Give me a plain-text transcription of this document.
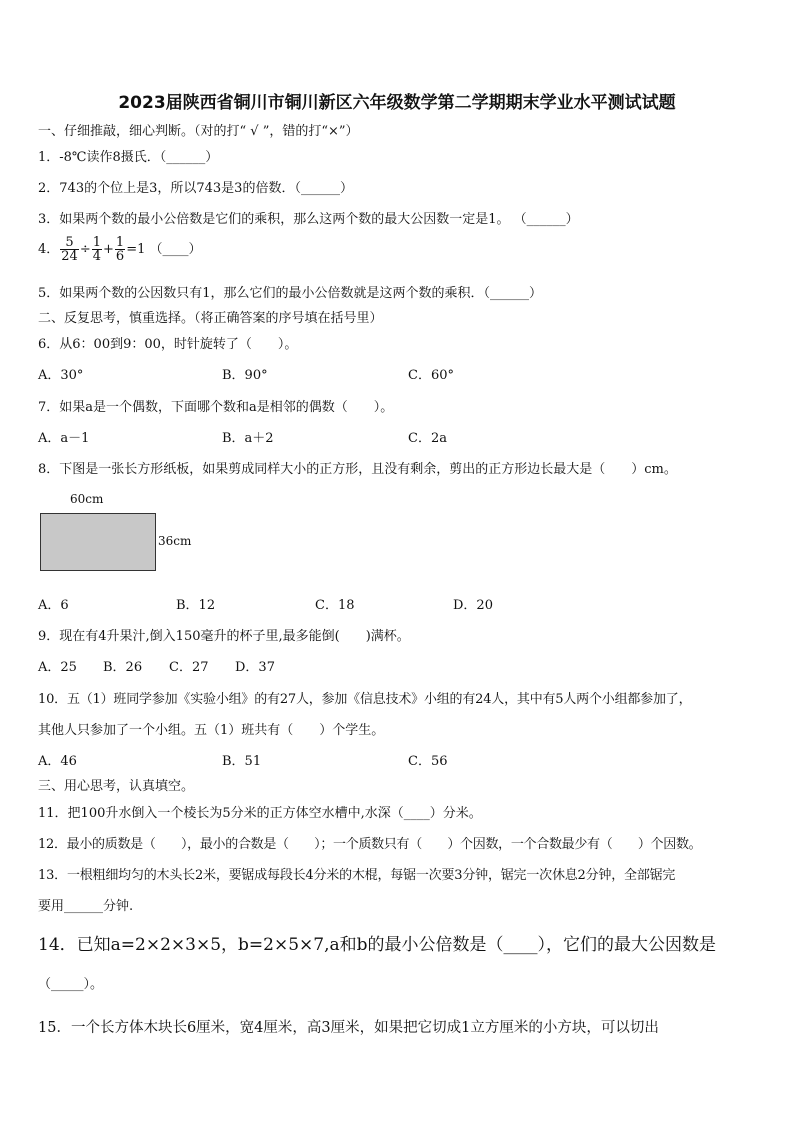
2023届陕西省铜川市铜川新区六年级数学第二学期期末学业水平测试试题
一、仔细推敲，细心判断。（对的打“ √ ”，错的打“×”）
1．-8℃读作8摄氏．（______）
2．743的个位上是3，所以743是3的倍数．（______）
3．如果两个数的最小公倍数是它们的乘积，那么这两个数的最大公因数一定是1。 （______）
4． $\frac{5}{24} \div \frac{1}{4} + \frac{1}{6} =1$ （____）
5．如果两个数的公因数只有1，那么它们的最小公倍数就是这两个数的乘积．（______）
二、反复思考，慎重选择。（将正确答案的序号填在括号里）
6．从6：00到9：00，时针旋转了（　　）。
A．30°	B．90°	C．60°
7．如果a是一个偶数，下面哪个数和a是相邻的偶数（　　）。
A．a－1	B．a＋2	C．2a
8．下图是一张长方形纸板，如果剪成同样大小的正方形，且没有剩余，剪出的正方形边长最大是（　　）cm。
60cm
36cm
A．6	B．12	C．18	D．20
9．现在有4升果汁,倒入150毫升的杯子里,最多能倒(　　)满杯。
A．25 B．26 C．27 D．37
10．五（1）班同学参加《实验小组》的有27人，参加《信息技术》小组的有24人，其中有5人两个小组都参加了，
其他人只参加了一个小组。五（1）班共有（　　）个学生。
A．46	B．51	C．56
三、用心思考，认真填空。
11．把100升水倒入一个棱长为5分米的正方体空水槽中,水深（____）分米。
12．最小的质数是（　　），最小的合数是（　　）；一个质数只有（　　）个因数，一个合数最少有（　　）个因数。
13．一根粗细均匀的木头长2米，要锯成每段长4分米的木棍，每锯一次要3分钟，锯完一次休息2分钟，全部锯完
要用______分钟.
14．已知a=2×2×3×5，b=2×5×7,a和b的最小公倍数是（____），它们的最大公因数是
（_____）。
15．一个长方体木块长6厘米，宽4厘米，高3厘米，如果把它切成1立方厘米的小方块，可以切出
